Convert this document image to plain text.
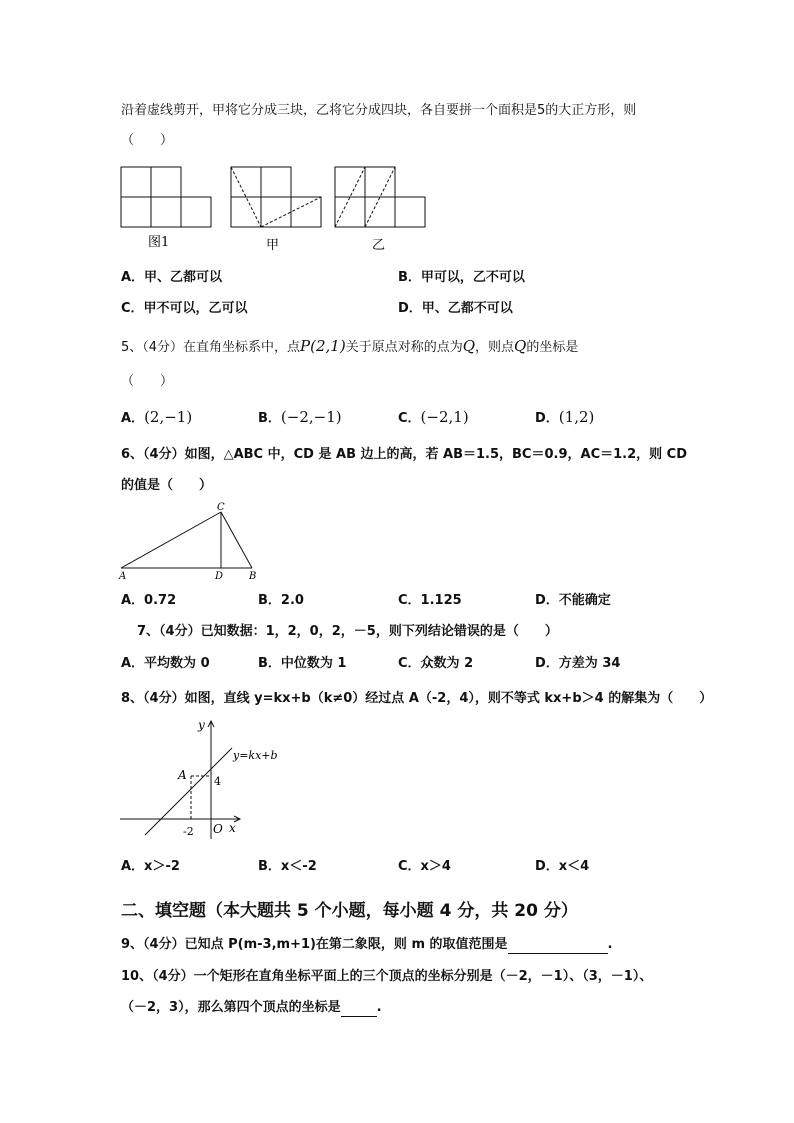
沿着虚线剪开，甲将它分成三块，乙将它分成四块，各自要拼一个面积是5的大正方形，则
（　　）
图1	甲	乙
A．甲、乙都可以	B．甲可以，乙不可以
C．甲不可以，乙可以	D．甲、乙都不可以
5、（4分）在直角坐标系中，点P(2,1)关于原点对称的点为Q，则点Q的坐标是
（　　）
A．(2,−1)	B．(−2,−1)	C．(−2,1)	D．(1,2)
6、（4分）如图，△ABC 中，CD 是 AB 边上的高，若 AB＝1.5，BC＝0.9，AC＝1.2，则 CD
的值是（　　）
A	B
C
D
A．0.72	B．2.0	C．1.125	D．不能确定
7、（4分）已知数据：1，2，0，2，－5，则下列结论错误的是（　　）
A．平均数为 0	B．中位数为 1	C．众数为 2	D．方差为 34
8、（4分）如图，直线 y=kx+b（k≠0）经过点 A（-2，4），则不等式 kx+b＞4 的解集为（　　）
y
x
y=kx+b
A 4
-2 O
A．x＞-2	B．x＜-2	C．x＞4	D．x＜4
二、填空题（本大题共 5 个小题，每小题 4 分，共 20 分）
9、（4分）已知点 P(m-3,m+1)在第二象限，则 m 的取值范围是	.
10、（4分）一个矩形在直角坐标平面上的三个顶点的坐标分别是（－2，－1）、（3，－1）、
（－2，3），那么第四个顶点的坐标是	.
